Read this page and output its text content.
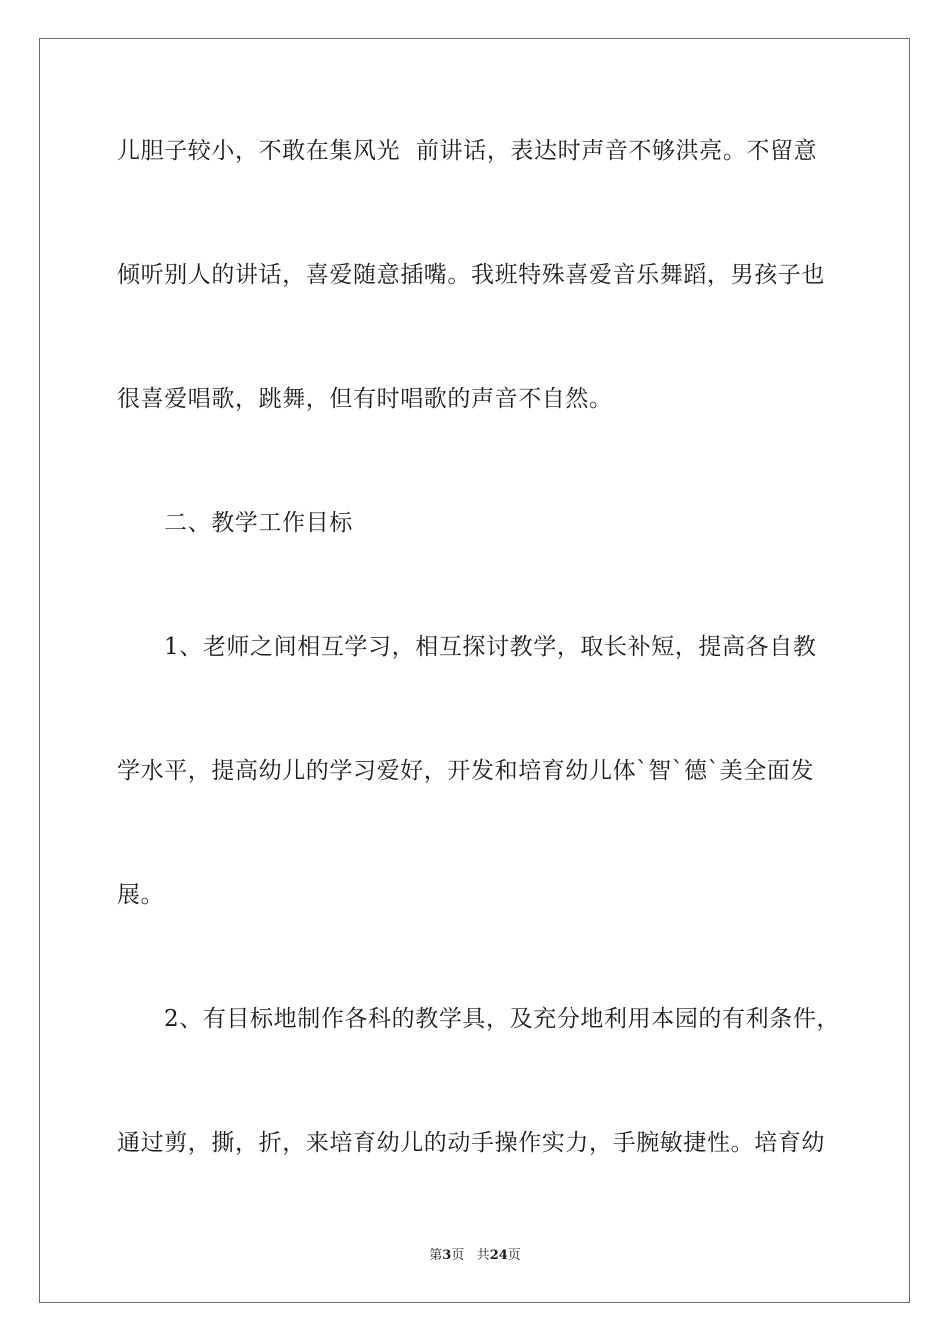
儿胆子较小，不敢在集风光  前讲话，表达时声音不够洪亮。不留意
倾听别人的讲话，喜爱随意插嘴。我班特殊喜爱音乐舞蹈，男孩子也
很喜爱唱歌，跳舞，但有时唱歌的声音不自然。
二、教学工作目标
1、老师之间相互学习，相互探讨教学，取长补短，提高各自教
学水平，提高幼儿的学习爱好，开发和培育幼儿体`智`德`美全面发
展。
2、有目标地制作各科的教学具，及充分地利用本园的有利条件，
通过剪，撕，折，来培育幼儿的动手操作实力，手腕敏捷性。培育幼
第3页 共24页
